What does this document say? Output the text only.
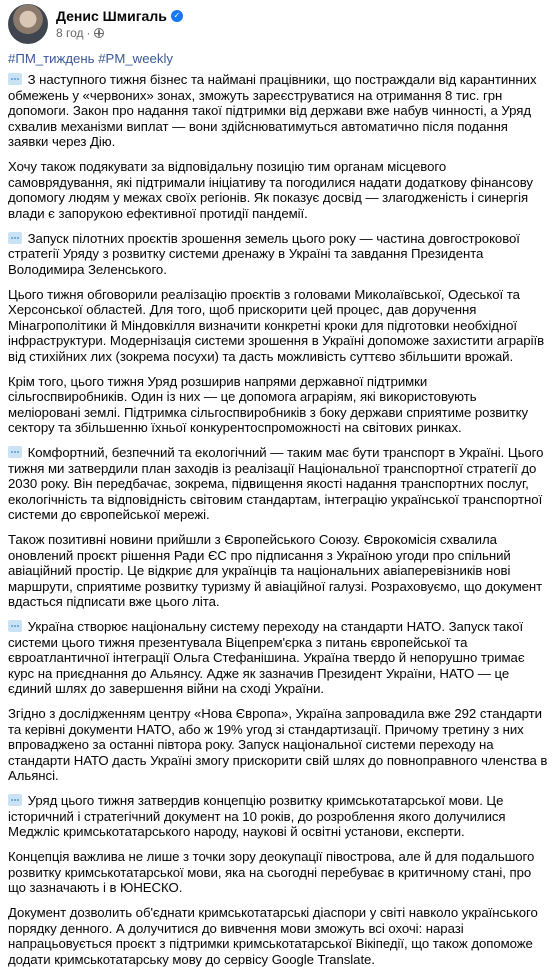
Денис Шмигаль ✓
8 год ·
#ПМ_тиждень #PM_weekly

З наступного тижня бізнес та наймані працівники, що постраждали від карантинних обмежень у «червоних» зонах, зможуть зареєструватися на отримання 8 тис. грн допомоги. Закон про надання такої підтримки від держави вже набув чинності, а Уряд схвалив механізми виплат — вони здійснюватимуться автоматично після подання заявки через Дію.

Хочу також подякувати за відповідальну позицію тим органам місцевого самоврядування, які підтримали ініціативу та погодилися надати додаткову фінансову допомогу людям у межах своїх регіонів. Як показує досвід — злагодженість і синергія влади є запорукою ефективної протидії пандемії.

Запуск пілотних проєктів зрошення земель цього року — частина довгострокової стратегії Уряду з розвитку системи дренажу в Україні та завдання Президента Володимира Зеленського.

Цього тижня обговорили реалізацію проєктів з головами Миколаївської, Одеської та Херсонської областей. Для того, щоб прискорити цей процес, дав доручення Мінагрополітики й Міндовкілля визначити конкретні кроки для підготовки необхідної інфраструктури. Модернізація системи зрошення в Україні допоможе захистити аграріїв від стихійних лих (зокрема посухи) та дасть можливість суттєво збільшити врожай.

Крім того, цього тижня Уряд розширив напрями державної підтримки сільгоспвиробників. Один із них — це допомога аграріям, які використовують меліоровані землі. Підтримка сільгоспвиробників з боку держави сприятиме розвитку сектору та збільшенню їхньої конкурентоспроможності на світових ринках.

Комфортний, безпечний та екологічний — таким має бути транспорт в Україні. Цього тижня ми затвердили план заходів із реалізації Національної транспортної стратегії до 2030 року. Він передбачає, зокрема, підвищення якості надання транспортних послуг, екологічність та відповідність світовим стандартам, інтеграцію української транспортної системи до європейської мережі.

Також позитивні новини прийшли з Європейського Союзу. Єврокомісія схвалила оновлений проєкт рішення Ради ЄС про підписання з Україною угоди про спільний авіаційний простір. Це відкриє для українців та національних авіаперевізників нові маршрути, сприятиме розвитку туризму й авіаційної галузі. Розраховуємо, що документ вдасться підписати вже цього літа.

Україна створює національну систему переходу на стандарти НАТО. Запуск такої системи цього тижня презентувала Віцепрем'єрка з питань європейської та євроатлантичної інтеграції Ольга Стефанішина. Україна твердо й непорушно тримає курс на приєднання до Альянсу. Адже як зазначив Президент України, НАТО — це єдиний шлях до завершення війни на сході України.

Згідно з дослідженням центру «Нова Європа», Україна запровадила вже 292 стандарти та керівні документи НАТО, або ж 19% угод зі стандартизації. Причому третину з них впроваджено за останні півтора року. Запуск національної системи переходу на стандарти НАТО дасть Україні змогу прискорити свій шлях до повноправного членства в Альянсі.

Уряд цього тижня затвердив концепцію розвитку кримськотатарської мови. Це історичний і стратегічний документ на 10 років, до розроблення якого долучилися Меджліс кримськотатарського народу, наукові й освітні установи, експерти.

Концепція важлива не лише з точки зору деокупації півострова, але й для подальшого розвитку кримськотатарської мови, яка на сьогодні перебуває в критичному стані, про що зазначають і в ЮНЕСКО.

Документ дозволить об'єднати кримськотатарські діаспори у світі навколо українського порядку денного. А долучитися до вивчення мови зможуть всі охочі: наразі напрацьовується проєкт з підтримки кримськотатарської Вікіпедії, що також допоможе додати кримськотатарську мову до сервісу Google Translate.
